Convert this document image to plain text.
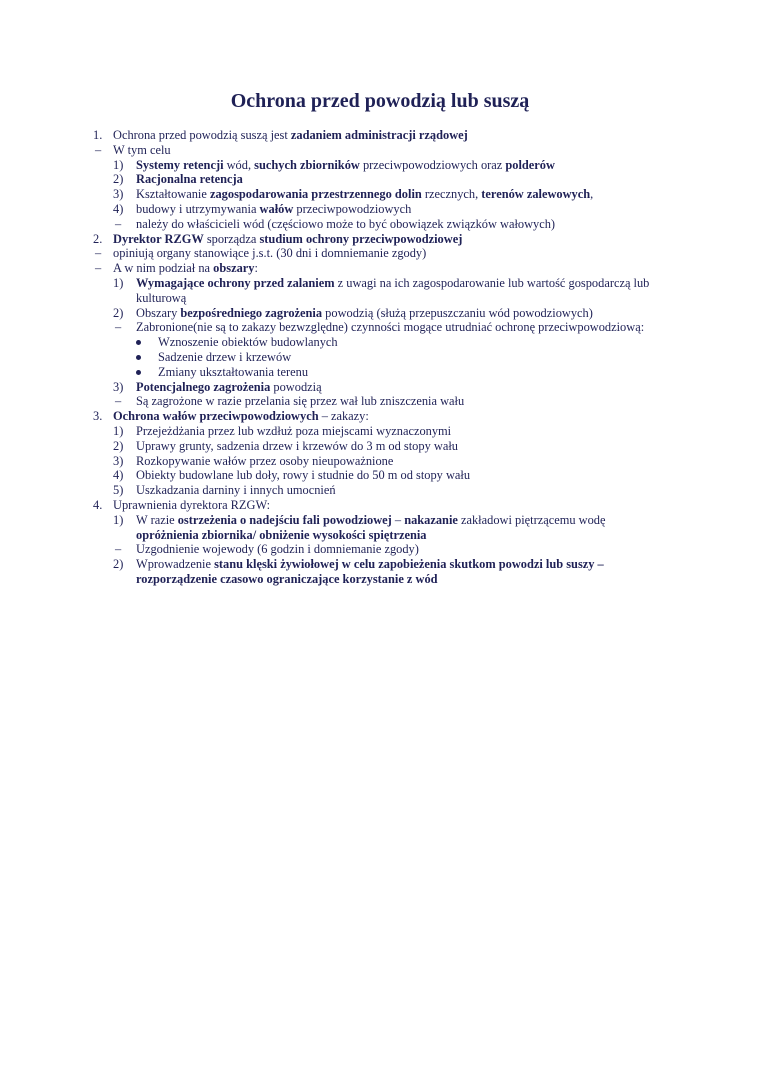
Ochrona przed powodzią lub suszą
1. Ochrona przed powodzią suszą jest zadaniem administracji rządowej
– W tym celu
1) Systemy retencji wód, suchych zbiorników przeciwpowodziowych oraz polderów
2) Racjonalna retencja
3) Kształtowanie zagospodarowania przestrzennego dolin rzecznych, terenów zalewowych,
4) budowy i utrzymywania wałów przeciwpowodziowych
– należy do właścicieli wód (częściowo może to być obowiązek związków wałowych)
2. Dyrektor RZGW sporządza studium ochrony przeciwpowodziowej
– opiniują organy stanowiące j.s.t. (30 dni i domniemanie zgody)
– A w nim podział na obszary:
1) Wymagające ochrony przed zalaniem z uwagi na ich zagospodarowanie lub wartość gospodarczą lub
kulturową
2) Obszary bezpośredniego zagrożenia powodzią (służą przepuszczaniu wód powodziowych)
– Zabronione(nie są to zakazy bezwzględne) czynności mogące utrudniać ochronę przeciwpowodziową:
Wznoszenie obiektów budowlanych
Sadzenie drzew i krzewów
Zmiany ukształtowania terenu
3) Potencjalnego zagrożenia powodzią
– Są zagrożone w razie przelania się przez wał lub zniszczenia wału
3. Ochrona wałów przeciwpowodziowych – zakazy:
1) Przejeżdżania przez lub wzdłuż poza miejscami wyznaczonymi
2) Uprawy grunty, sadzenia drzew i krzewów do 3 m od stopy wału
3) Rozkopywanie wałów przez osoby nieupoważnione
4) Obiekty budowlane lub doły, rowy i studnie do 50 m od stopy wału
5) Uszkadzania darniny i innych umocnień
4. Uprawnienia dyrektora RZGW:
1) W razie ostrzeżenia o nadejściu fali powodziowej – nakazanie zakładowi piętrzącemu wodę
opróżnienia zbiornika/ obniżenie wysokości spiętrzenia
– Uzgodnienie wojewody (6 godzin i domniemanie zgody)
2) Wprowadzenie stanu klęski żywiołowej w celu zapobieżenia skutkom powodzi lub suszy –
rozporządzenie czasowo ograniczające korzystanie z wód
